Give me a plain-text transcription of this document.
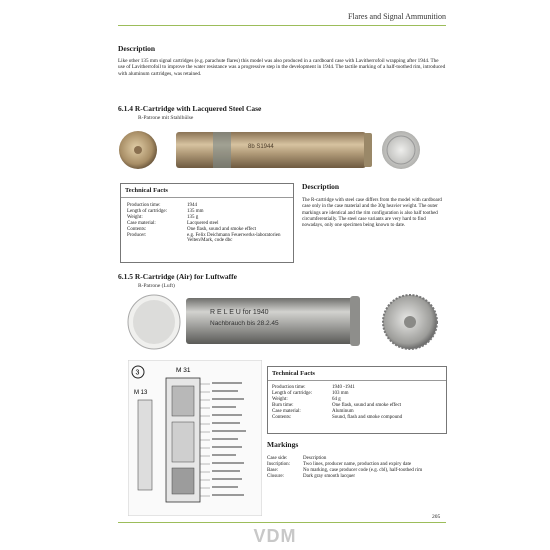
Flares and Signal Ammunition
Description
Like other 135 mm signal cartridges (e.g. parachute flares) this model was also produced in a cardboard case with Lavitherrofoil wrapping after 1944. The use of Lavitherrofoil to improve the water resistance was a progressive step in the development in 1944. The tactile marking of a half-toothed rim, introduced with aluminum cartridges, was retained.
6.1.4 R-Cartridge with Lacquered Steel Case
R-Patrone mit Stahlhülse
8b S1944
Technical Facts
Production time:	1944
Length of cartridge:	135 mm
Weight:	135 g
Case material:	Lacquered steel
Contents:	One flash, sound and smoke effect
Producer:	e.g. Felix Deichmann Feuerwerks-laboratorien Velten/Mark, code dbc
Description
The R-cartridge with steel case differs from the model with cardboard case only in the case material and the 30g heavier weight. The outer markings are identical and the rim configuration is also half toothed circumferentially. The steel case variants are very hard to find nowadays, only one specimen being known to date.
6.1.5 R-Cartridge (Air) for Luftwaffe
R-Patrone (Luft)
R E L E U for 1940
Nachbrauch bis 28.2.45
3	M 31
M 13
Technical Facts
Production time:	1940 -1941
Length of cartridge:	103 mm
Weight:	64 g
Burn time:	One flash, sound and smoke effect
Case material:	Aluminum
Contents:	Sound, flash and smoke compound
Markings
Case side:	Description
Inscription:	Two lines, producer name, production and expiry date
Base:	No marking, case producer code (e.g. cbl), half-toothed rim
Closure:	Dark gray smooth lacquer
205
VDM
